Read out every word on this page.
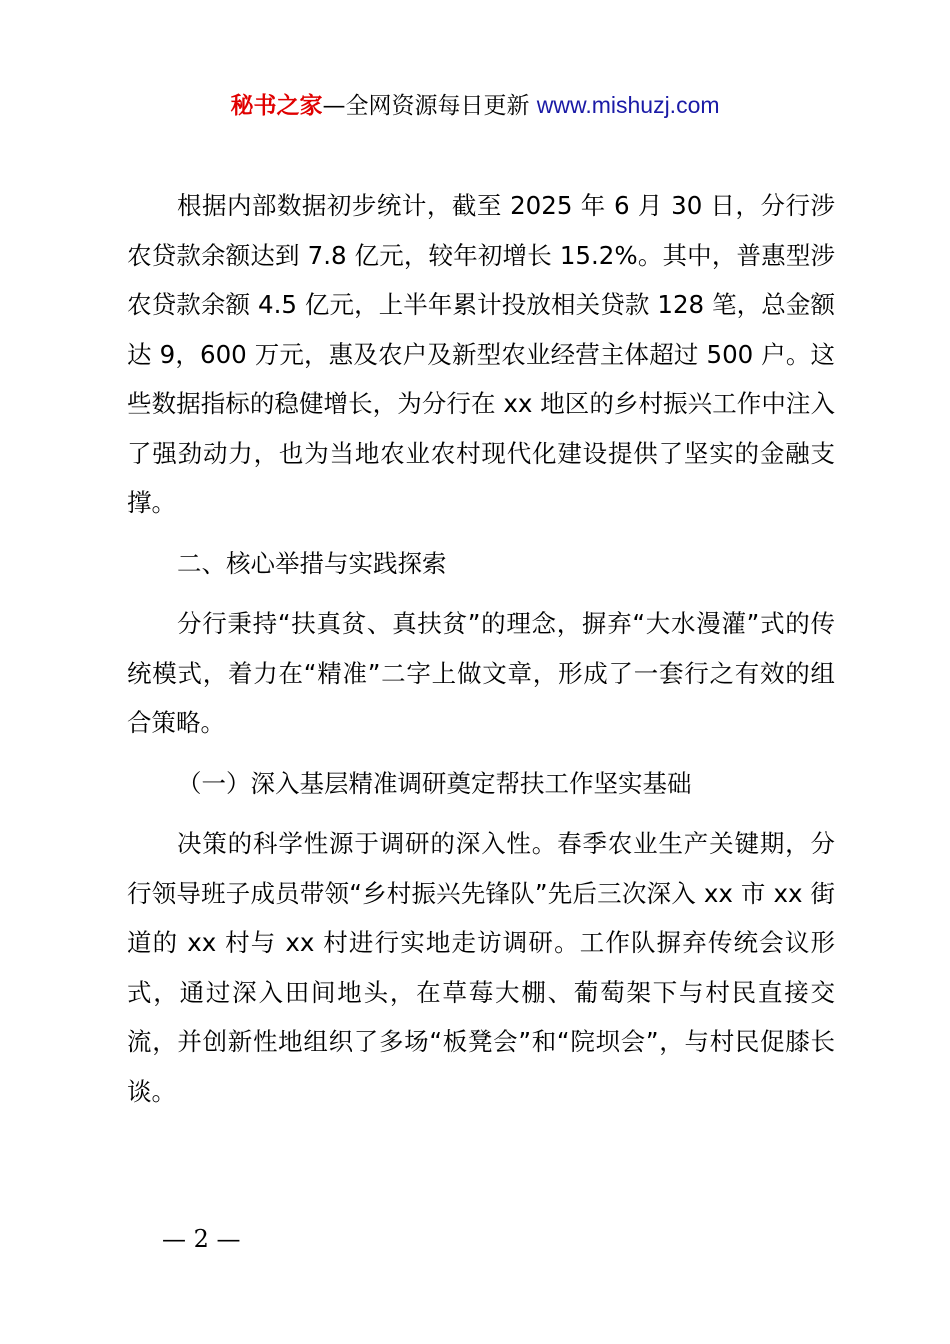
秘书之家—全网资源每日更新 www.mishuzj.com

根据内部数据初步统计，截至 2025 年 6 月 30 日，分行涉农贷款余额达到 7.8 亿元，较年初增长 15.2%。其中，普惠型涉农贷款余额 4.5 亿元，上半年累计投放相关贷款 128 笔，总金额达 9，600 万元，惠及农户及新型农业经营主体超过 500 户。这些数据指标的稳健增长，为分行在 xx 地区的乡村振兴工作中注入了强劲动力，也为当地农业农村现代化建设提供了坚实的金融支撑。

二、核心举措与实践探索

分行秉持“扶真贫、真扶贫”的理念，摒弃“大水漫灌”式的传统模式，着力在“精准”二字上做文章，形成了一套行之有效的组合策略。

（一）深入基层精准调研奠定帮扶工作坚实基础

决策的科学性源于调研的深入性。春季农业生产关键期，分行领导班子成员带领“乡村振兴先锋队”先后三次深入 xx 市 xx 街道的 xx 村与 xx 村进行实地走访调研。工作队摒弃传统会议形式，通过深入田间地头，在草莓大棚、葡萄架下与村民直接交流，并创新性地组织了多场“板凳会”和“院坝会”，与村民促膝长谈。

— 2 —
